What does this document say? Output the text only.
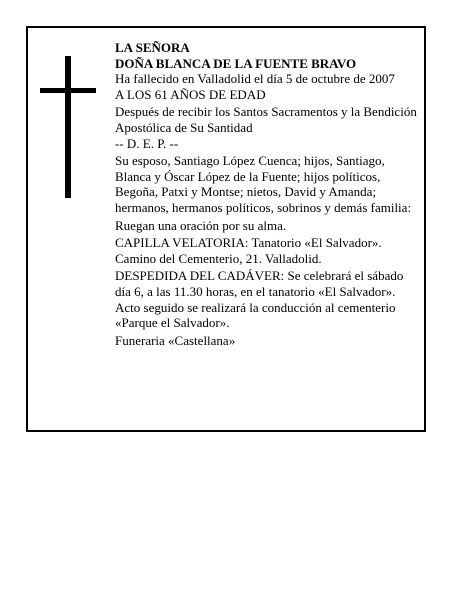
LA SEÑORA
DOÑA BLANCA DE LA FUENTE BRAVO
Ha fallecido en Valladolid el día 5 de octubre de 2007
A LOS 61 AÑOS DE EDAD
Después de recibir los Santos Sacramentos y la Bendición Apostólica de Su Santidad
-- D. E. P. --
Su esposo, Santiago López Cuenca; hijos, Santiago, Blanca y Óscar López de la Fuente; hijos políticos, Begoña, Patxi y Montse; nietos, David y Amanda; hermanos, hermanos políticos, sobrinos y demás familia:
Ruegan una oración por su alma.
CAPILLA VELATORIA: Tanatorio «El Salvador». Camino del Cementerio, 21. Valladolid.
DESPEDIDA DEL CADÁVER: Se celebrará el sábado día 6, a las 11.30 horas, en el tanatorio «El Salvador». Acto seguido se realizará la conducción al cementerio «Parque el Salvador».
Funeraria «Castellana»
